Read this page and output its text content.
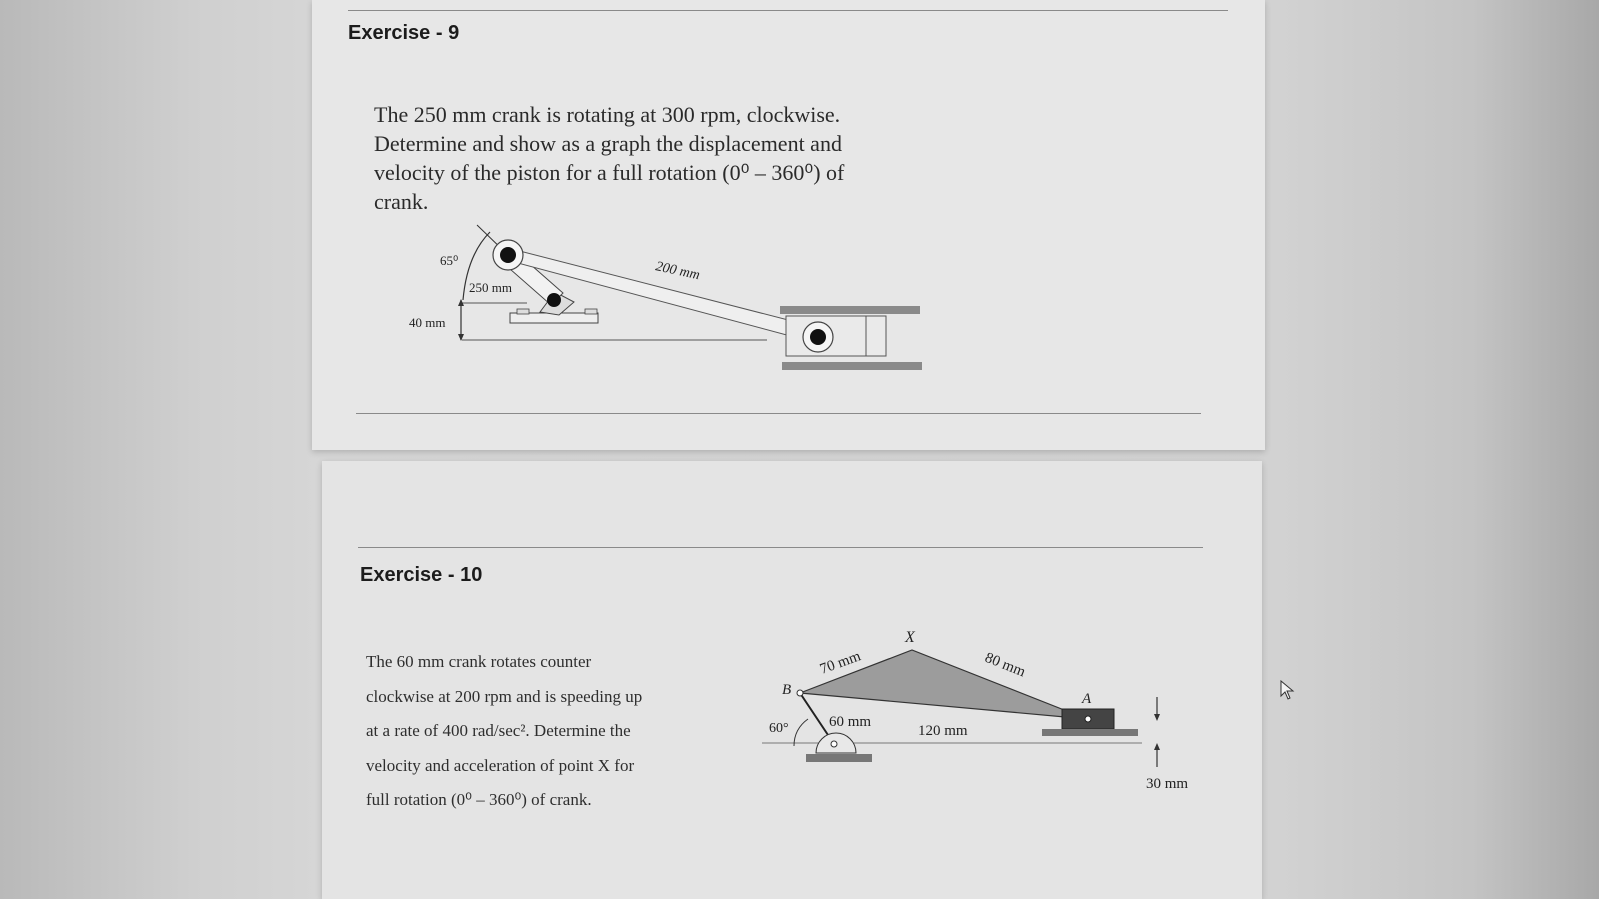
Exercise - 9
The 250 mm crank is rotating at 300 rpm, clockwise.
Determine and show as a graph the displacement and
velocity of the piston for a full rotation (0⁰ – 360⁰) of
crank.
65⁰
250 mm
200 mm
40 mm
Exercise - 10
The 60 mm crank rotates counter
clockwise at 200 rpm and is speeding up
at a rate of 400 rad/sec². Determine the
velocity and acceleration of point X for
full rotation (0⁰ – 360⁰) of crank.
X
B
A
70 mm	80 mm
60 mm
60°	120 mm
30 mm
